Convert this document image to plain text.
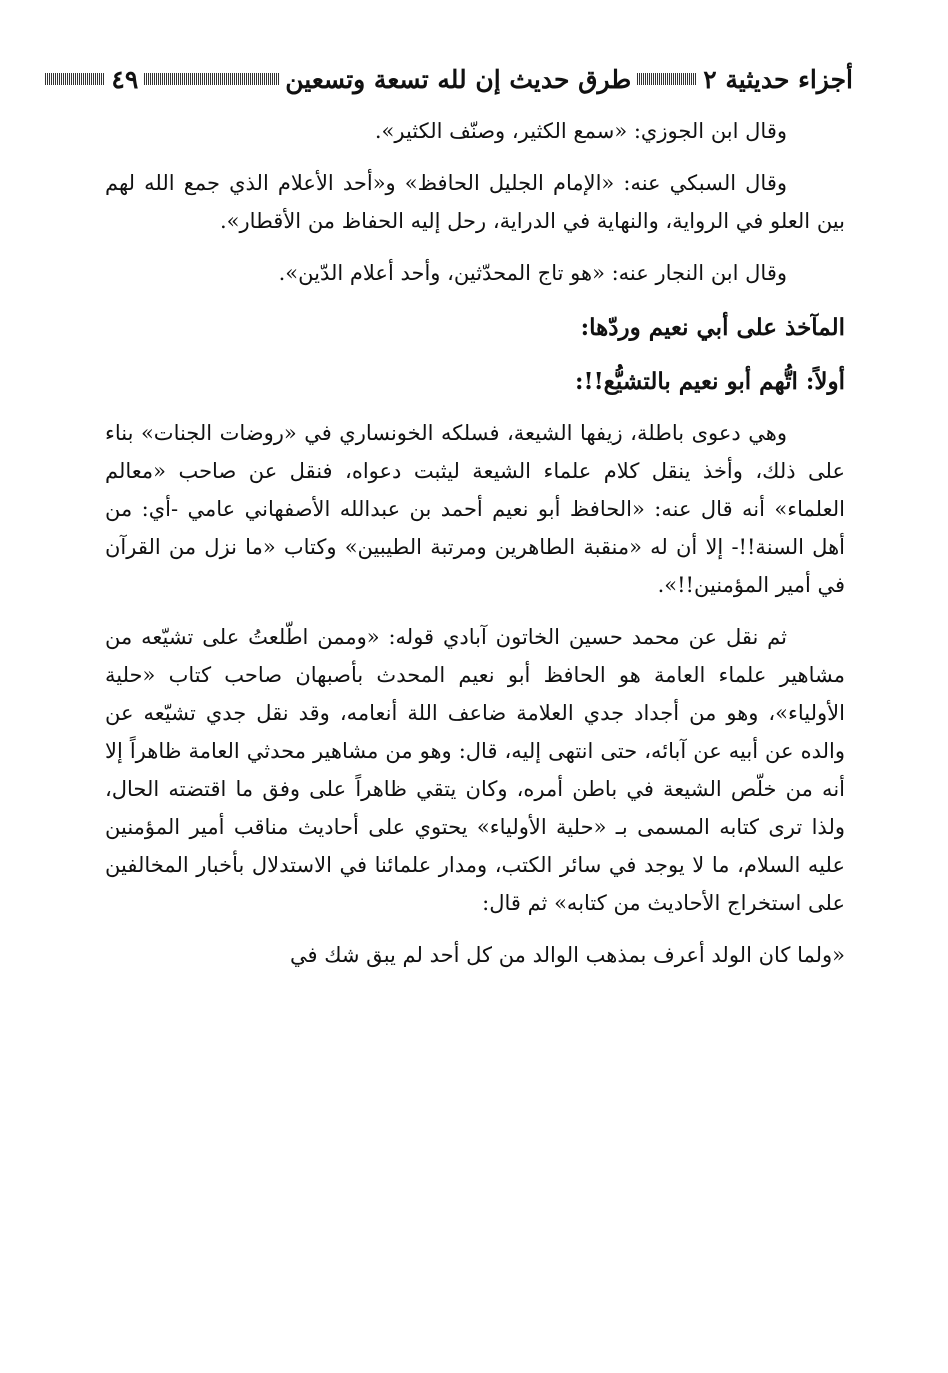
أجزاء حديثية ٢
طرق حديث إن لله تسعة وتسعين
٤٩

وقال ابن الجوزي: «سمع الكثير، وصنّف الكثير».

وقال السبكي عنه: «الإمام الجليل الحافظ» و«أحد الأعلام الذي جمع الله لهم بين العلو في الرواية، والنهاية في الدراية، رحل إليه الحفاظ من الأقطار».

وقال ابن النجار عنه: «هو تاج المحدّثين، وأحد أعلام الدّين».

المآخذ على أبي نعيم وردّها:

أولاً: اتُّهم أبو نعيم بالتشيُّع!!:

وهي دعوى باطلة، زيفها الشيعة، فسلكه الخونساري في «روضات الجنات» بناء على ذلك، وأخذ ينقل كلام علماء الشيعة ليثبت دعواه، فنقل عن صاحب «معالم العلماء» أنه قال عنه: «الحافظ أبو نعيم أحمد بن عبدالله الأصفهاني عامي -أي: من أهل السنة!!- إلا أن له «منقبة الطاهرين ومرتبة الطيبين» وكتاب «ما نزل من القرآن في أمير المؤمنين!!».

ثم نقل عن محمد حسين الخاتون آبادي قوله: «وممن اطّلعتُ على تشيّعه من مشاهير علماء العامة هو الحافظ أبو نعيم المحدث بأصبهان صاحب كتاب «حلية الأولياء»، وهو من أجداد جدي العلامة ضاعف اللة أنعامه، وقد نقل جدي تشيّعه عن والده عن أبيه عن آبائه، حتى انتهى إليه، قال: وهو من مشاهير محدثي العامة ظاهراً إلا أنه من خلّص الشيعة في باطن أمره، وكان يتقي ظاهراً على وفق ما اقتضته الحال، ولذا ترى كتابه المسمى بـ «حلية الأولياء» يحتوي على أحاديث مناقب أمير المؤمنين عليه السلام، ما لا يوجد في سائر الكتب، ومدار علمائنا في الاستدلال بأخبار المخالفين على استخراج الأحاديث من كتابه» ثم قال:

«ولما كان الولد أعرف بمذهب الوالد من كل أحد لم يبق شك في
